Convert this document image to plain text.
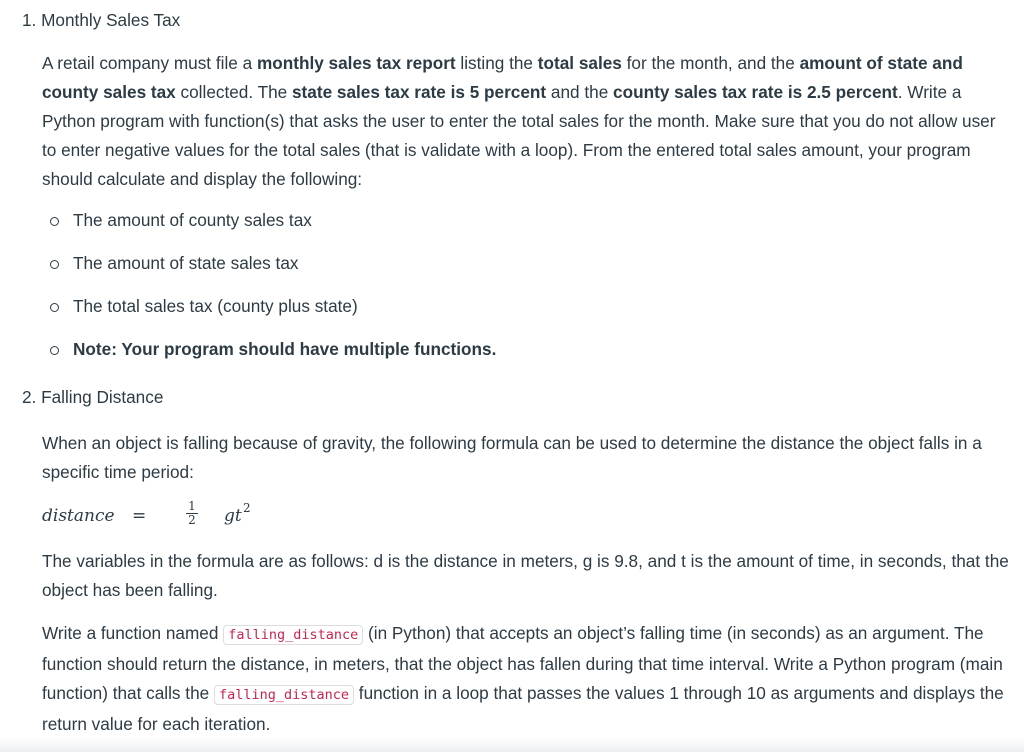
1. Monthly Sales Tax

A retail company must file a monthly sales tax report listing the total sales for the month, and the amount of state and county sales tax collected. The state sales tax rate is 5 percent and the county sales tax rate is 2.5 percent. Write a Python program with function(s) that asks the user to enter the total sales for the month. Make sure that you do not allow user to enter negative values for the total sales (that is validate with a loop). From the entered total sales amount, your program should calculate and display the following:

The amount of county sales tax
The amount of state sales tax
The total sales tax (county plus state)
Note: Your program should have multiple functions.

2. Falling Distance

When an object is falling because of gravity, the following formula can be used to determine the distance the object falls in a specific time period:

distance =	$\frac{1}{2}$ gt 2

The variables in the formula are as follows: d is the distance in meters, g is 9.8, and t is the amount of time, in seconds, that the object has been falling.

Write a function named falling_distance (in Python) that accepts an object’s falling time (in seconds) as an argument. The function should return the distance, in meters, that the object has fallen during that time interval. Write a Python program (main function) that calls the falling_distance function in a loop that passes the values 1 through 10 as arguments and displays the return value for each iteration.
